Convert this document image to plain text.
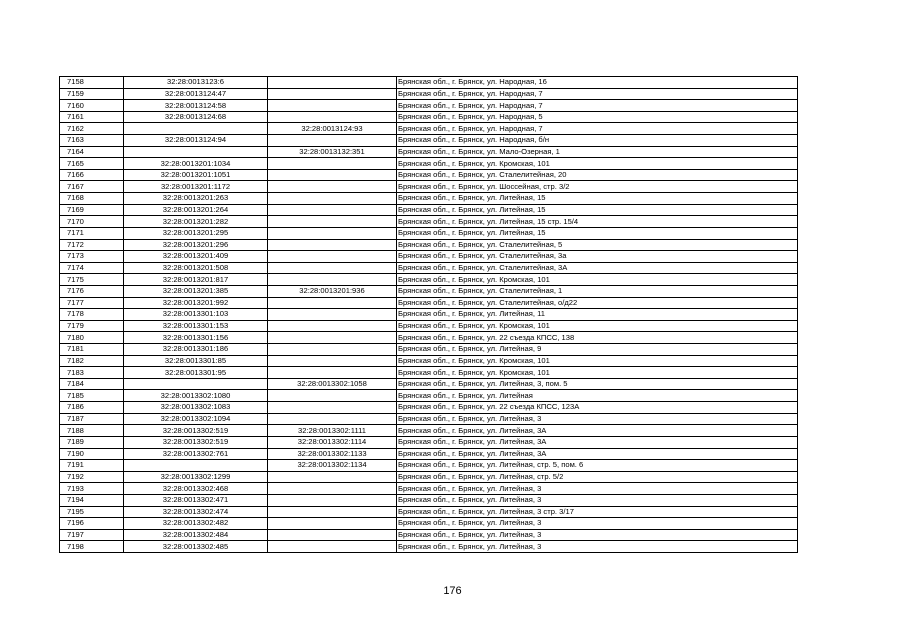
7158	32:28:0013123:6		Брянская обл., г. Брянск, ул. Народная, 16
7159	32:28:0013124:47		Брянская обл., г. Брянск, ул. Народная, 7
7160	32:28:0013124:58		Брянская обл., г. Брянск, ул. Народная, 7
7161	32:28:0013124:68		Брянская обл., г. Брянск, ул. Народная, 5
7162		32:28:0013124:93	Брянская обл., г. Брянск, ул. Народная, 7
7163	32:28:0013124:94		Брянская обл., г. Брянск, ул. Народная, б/н
7164		32:28:0013132:351	Брянская обл., г. Брянск, ул. Мало-Озерная, 1
7165	32:28:0013201:1034		Брянская обл., г. Брянск, ул. Кромская, 101
7166	32:28:0013201:1051		Брянская обл., г. Брянск, ул. Сталелитейная, 20
7167	32:28:0013201:1172		Брянская обл., г. Брянск, ул. Шоссейная, стр. 3/2
7168	32:28:0013201:263		Брянская обл., г. Брянск, ул. Литейная, 15
7169	32:28:0013201:264		Брянская обл., г. Брянск, ул. Литейная, 15
7170	32:28:0013201:282		Брянская обл., г. Брянск, ул. Литейная, 15 стр. 15/4
7171	32:28:0013201:295		Брянская обл., г. Брянск, ул. Литейная, 15
7172	32:28:0013201:296		Брянская обл., г. Брянск, ул. Сталелитейная, 5
7173	32:28:0013201:409		Брянская обл., г. Брянск, ул. Сталелитейная, 3а
7174	32:28:0013201:508		Брянская обл., г. Брянск, ул. Сталелитейная, 3А
7175	32:28:0013201:817		Брянская обл., г. Брянск, ул. Кромская, 101
7176	32:28:0013201:385	32:28:0013201:936	Брянская обл., г. Брянск, ул. Сталелитейная, 1
7177	32:28:0013201:992		Брянская обл., г. Брянск, ул. Сталелитейная, о/д22
7178	32:28:0013301:103		Брянская обл., г. Брянск, ул. Литейная, 11
7179	32:28:0013301:153		Брянская обл., г. Брянск, ул. Кромская, 101
7180	32:28:0013301:156		Брянская обл., г. Брянск, ул. 22 съезда КПСС, 138
7181	32:28:0013301:186		Брянская обл., г. Брянск, ул. Литейная, 9
7182	32:28:0013301:85		Брянская обл., г. Брянск, ул. Кромская, 101
7183	32:28:0013301:95		Брянская обл., г. Брянск, ул. Кромская, 101
7184		32:28:0013302:1058	Брянская обл., г. Брянск, ул. Литейная, 3, пом. 5
7185	32:28:0013302:1080		Брянская обл., г. Брянск, ул. Литейная
7186	32:28:0013302:1083		Брянская обл., г. Брянск, ул. 22 съезда КПСС, 123А
7187	32:28:0013302:1094		Брянская обл., г. Брянск, ул. Литейная, 3
7188	32:28:0013302:519	32:28:0013302:1111	Брянская обл., г. Брянск, ул. Литейная, 3А
7189	32:28:0013302:519	32:28:0013302:1114	Брянская обл., г. Брянск, ул. Литейная, 3А
7190	32:28:0013302:761	32:28:0013302:1133	Брянская обл., г. Брянск, ул. Литейная, 3А
7191		32:28:0013302:1134	Брянская обл., г. Брянск, ул. Литейная, стр. 5, пом. 6
7192	32:28:0013302:1299		Брянская обл., г. Брянск, ул. Литейная, стр. 5/2
7193	32:28:0013302:468		Брянская обл., г. Брянск, ул. Литейная, 3
7194	32:28:0013302:471		Брянская обл., г. Брянск, ул. Литейная, 3
7195	32:28:0013302:474		Брянская обл., г. Брянск, ул. Литейная, 3 стр. 3/17
7196	32:28:0013302:482		Брянская обл., г. Брянск, ул. Литейная, 3
7197	32:28:0013302:484		Брянская обл., г. Брянск, ул. Литейная, 3
7198	32:28:0013302:485		Брянская обл., г. Брянск, ул. Литейная, 3
176
